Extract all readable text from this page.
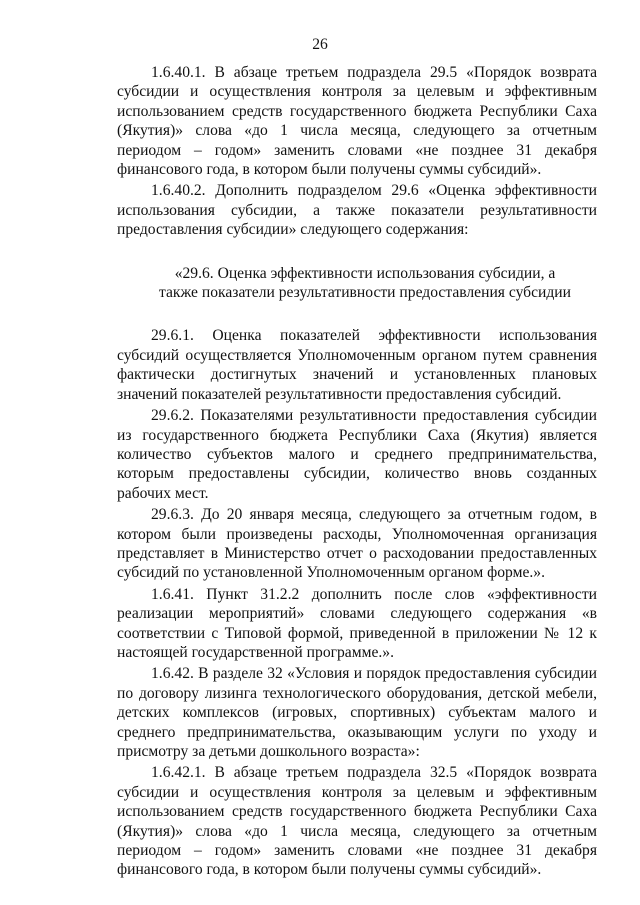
26

1.6.40.1. В абзаце третьем подраздела 29.5 «Порядок возврата субсидии и осуществления контроля за целевым и эффективным использованием средств государственного бюджета Республики Саха (Якутия)» слова «до 1 числа месяца, следующего за отчетным периодом – годом» заменить словами «не позднее 31 декабря финансового года, в котором были получены суммы субсидий».

1.6.40.2. Дополнить подразделом 29.6 «Оценка эффективности использования субсидии, а также показатели результативности предоставления субсидии» следующего содержания:

«29.6. Оценка эффективности использования субсидии, а также показатели результативности предоставления субсидии

29.6.1. Оценка показателей эффективности использования субсидий осуществляется Уполномоченным органом путем сравнения фактически достигнутых значений и установленных плановых значений показателей результативности предоставления субсидий.

29.6.2. Показателями результативности предоставления субсидии из государственного бюджета Республики Саха (Якутия) является количество субъектов малого и среднего предпринимательства, которым предоставлены субсидии, количество вновь созданных рабочих мест.

29.6.3. До 20 января месяца, следующего за отчетным годом, в котором были произведены расходы, Уполномоченная организация представляет в Министерство отчет о расходовании предоставленных субсидий по установленной Уполномоченным органом форме.».

1.6.41. Пункт 31.2.2 дополнить после слов «эффективности реализации мероприятий» словами следующего содержания «в соответствии с Типовой формой, приведенной в приложении № 12 к настоящей государственной программе.».

1.6.42. В разделе 32 «Условия и порядок предоставления субсидии по договору лизинга технологического оборудования, детской мебели, детских комплексов (игровых, спортивных) субъектам малого и среднего предпринимательства, оказывающим услуги по уходу и присмотру за детьми дошкольного возраста»:

1.6.42.1. В абзаце третьем подраздела 32.5 «Порядок возврата субсидии и осуществления контроля за целевым и эффективным использованием средств государственного бюджета Республики Саха (Якутия)» слова «до 1 числа месяца, следующего за отчетным периодом – годом» заменить словами «не позднее 31 декабря финансового года, в котором были получены суммы субсидий».
